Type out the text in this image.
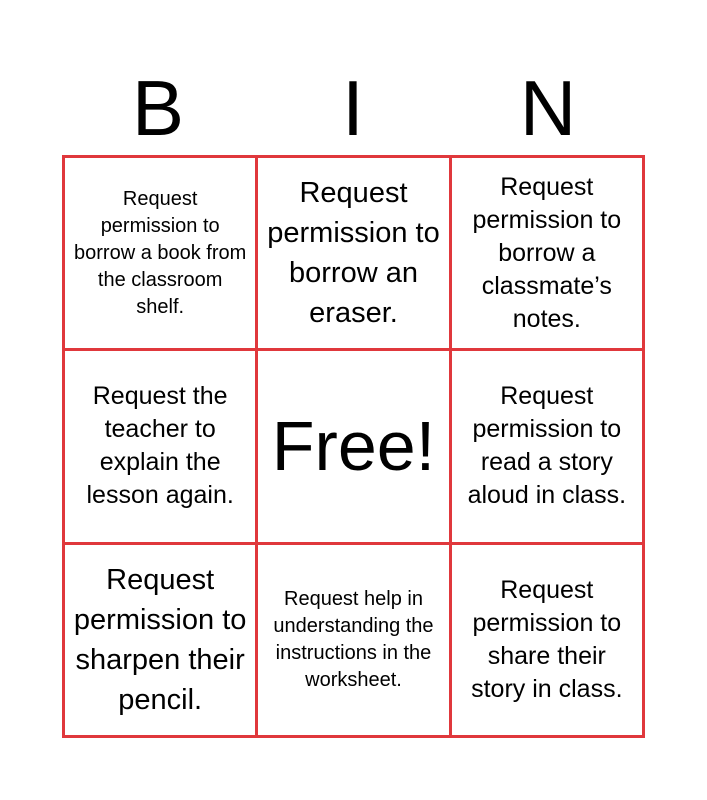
B	I	N
Request permission to borrow a book from the classroom shelf.
Request permission to borrow an eraser.
Request permission to borrow a classmate’s notes.
Request the teacher to explain the lesson again.
Free!
Request permission to read a story aloud in class.
Request permission to sharpen their pencil.
Request help in understanding the instructions in the worksheet.
Request permission to share their story in class.
